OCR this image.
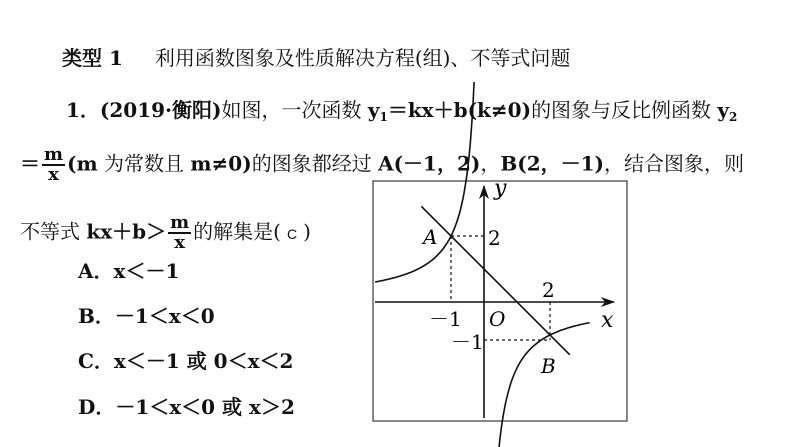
类型 1 利用函数图象及性质解决方程(组)、不等式问题
1．(2019·衡阳)如图，一次函数 $y_1=kx+b(k\ne 0)$的图象与反比例函数 $y_2$
＝ $\frac{m}{x} (m$ 为常数且 m≠0)的图象都经过 A(－1，2)，B(2，－1)，结合图象，则
不等式 $kx+b> \frac{m}{x}$ 的解集是( C )
A．x＜－1
B．－1＜x＜0
C．x＜－1 或 0＜x＜2
D．－1＜x＜0 或 x＞2
x
y
O
A
B
－1
2
2
－1
